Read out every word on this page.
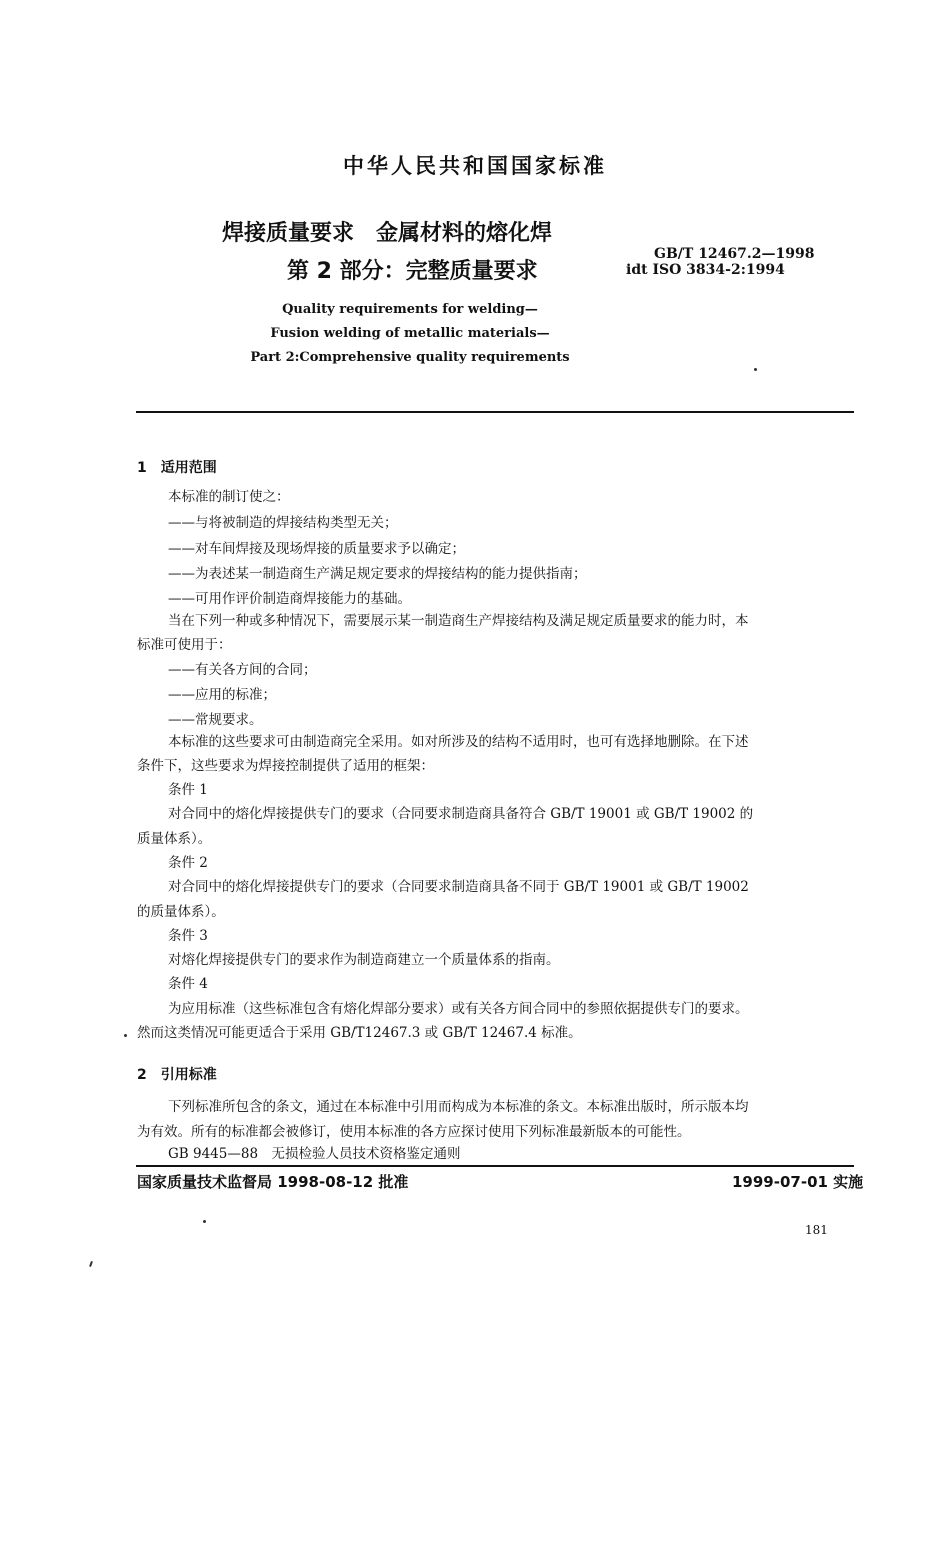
中华人民共和国国家标准
焊接质量要求　金属材料的熔化焊
第 2 部分：完整质量要求
GB/T 12467.2—1998
idt ISO 3834-2:1994
Quality requirements for welding—
Fusion welding of metallic materials—
Part 2:Comprehensive quality requirements
1　适用范围
本标准的制订使之：
——与将被制造的焊接结构类型无关；
——对车间焊接及现场焊接的质量要求予以确定；
——为表述某一制造商生产满足规定要求的焊接结构的能力提供指南；
——可用作评价制造商焊接能力的基础。
当在下列一种或多种情况下，需要展示某一制造商生产焊接结构及满足规定质量要求的能力时，本
标准可使用于：
——有关各方间的合同；
——应用的标准；
——常规要求。
本标准的这些要求可由制造商完全采用。如对所涉及的结构不适用时，也可有选择地删除。在下述
条件下，这些要求为焊接控制提供了适用的框架：
条件 1
对合同中的熔化焊接提供专门的要求（合同要求制造商具备符合 GB/T 19001 或 GB/T 19002 的
质量体系）。
条件 2
对合同中的熔化焊接提供专门的要求（合同要求制造商具备不同于 GB/T 19001 或 GB/T 19002
的质量体系）。
条件 3
对熔化焊接提供专门的要求作为制造商建立一个质量体系的指南。
条件 4
为应用标准（这些标准包含有熔化焊部分要求）或有关各方间合同中的参照依据提供专门的要求。
然而这类情况可能更适合于采用 GB/T12467.3 或 GB/T 12467.4 标准。
2　引用标准
下列标准所包含的条文，通过在本标准中引用而构成为本标准的条文。本标准出版时，所示版本均
为有效。所有的标准都会被修订，使用本标准的各方应探讨使用下列标准最新版本的可能性。
GB 9445—88　无损检验人员技术资格鉴定通则
国家质量技术监督局 1998-08-12 批准	1999-07-01 实施
181
